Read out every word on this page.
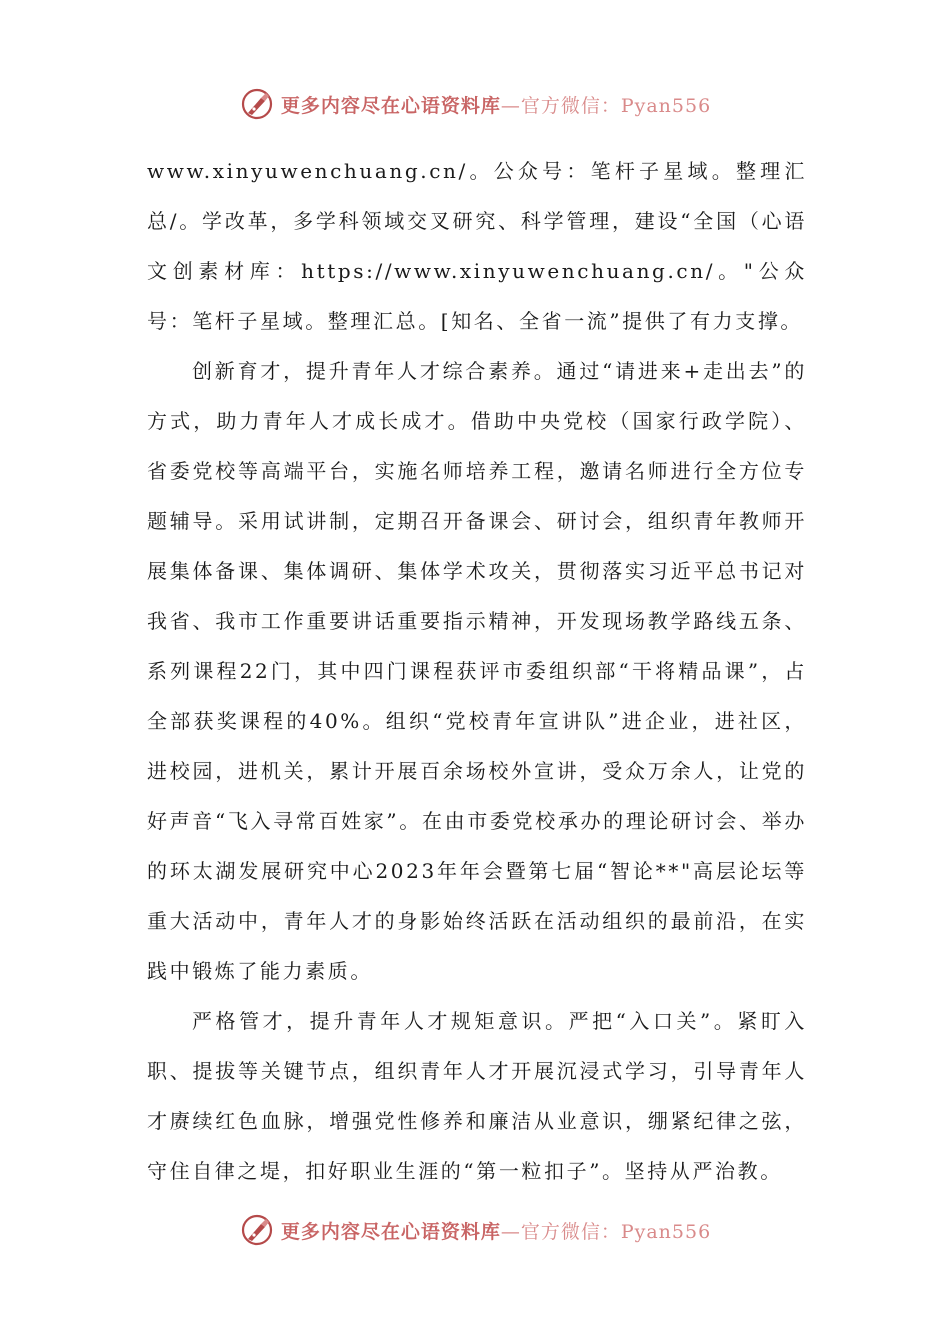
更多内容尽在心语资料库—官方微信：Pyan556

www.xinyuwenchuang.cn/。公众号：笔杆子星域。整理汇总/。学改革，多学科领域交叉研究、科学管理，建设“全国（心语文创素材库：https://www.xinyuwenchuang.cn/。"公众号：笔杆子星域。整理汇总。[知名、全省一流”提供了有力支撑。

创新育才，提升青年人才综合素养。通过“请进来+走出去”的方式，助力青年人才成长成才。借助中央党校（国家行政学院）、省委党校等高端平台，实施名师培养工程，邀请名师进行全方位专题辅导。采用试讲制，定期召开备课会、研讨会，组织青年教师开展集体备课、集体调研、集体学术攻关，贯彻落实习近平总书记对我省、我市工作重要讲话重要指示精神，开发现场教学路线五条、系列课程22门，其中四门课程获评市委组织部“干将精品课”，占全部获奖课程的40%。组织“党校青年宣讲队”进企业，进社区，进校园，进机关，累计开展百余场校外宣讲，受众万余人，让党的好声音“飞入寻常百姓家”。在由市委党校承办的理论研讨会、举办的环太湖发展研究中心2023年年会暨第七届“智论**"高层论坛等重大活动中，青年人才的身影始终活跃在活动组织的最前沿，在实践中锻炼了能力素质。

严格管才，提升青年人才规矩意识。严把“入口关”。紧盯入职、提拔等关键节点，组织青年人才开展沉浸式学习，引导青年人才赓续红色血脉，增强党性修养和廉洁从业意识，绷紧纪律之弦，守住自律之堤，扣好职业生涯的“第一粒扣子”。坚持从严治教。

更多内容尽在心语资料库—官方微信：Pyan556
